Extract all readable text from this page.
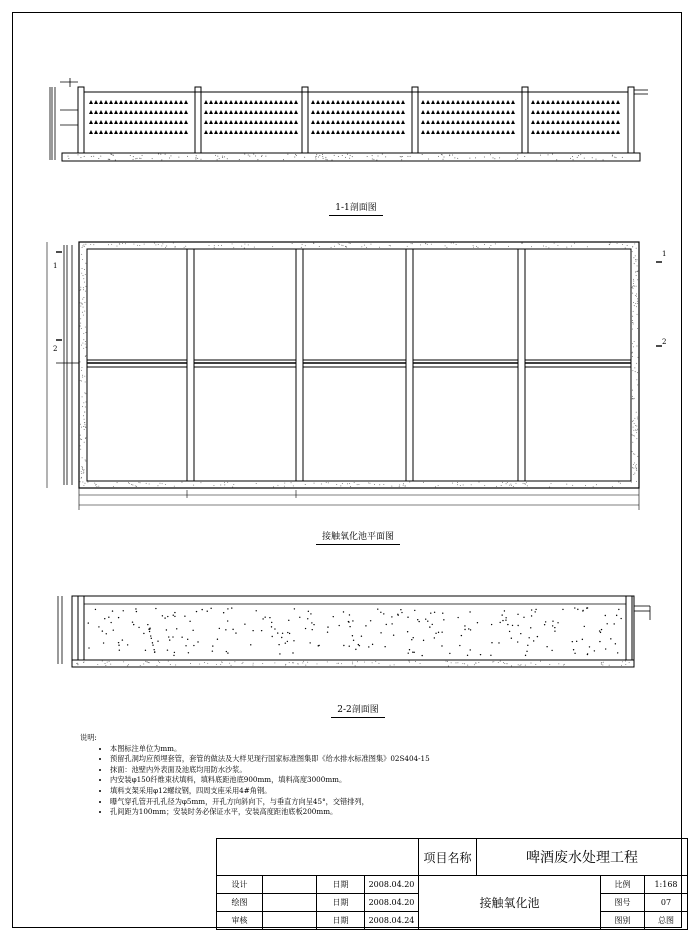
1
2
1
2
1-1剖面图
接触氧化池平面图
2-2剖面图
说明:
• 本图标注单位为mm。
• 预留孔洞均应预埋套管，套管的做法及大样见现行国家标准图集即《给水排水标准图集》02S404-15
• 抹面：池壁内外表面及池底均用防水沙浆。
• 内安装φ150纤维束状填料，填料底距池底900mm，填料高度3000mm。
• 填料支架采用φ12螺纹钢，四周支座采用4#角钢。
• 曝气穿孔管开孔孔径为φ5mm，开孔方向斜向下，与垂直方向呈45°，交错排列，
• 孔间距为100mm；安装时务必保证水平，安装高度距池底板200mm。
				项目名称	啤酒废水处理工程		
设计		日期	2008.04.20	接触氧化池		比例	1:168
绘图		日期	2008.04.20			图号	07
审核		日期	2008.04.24			图别	总图
